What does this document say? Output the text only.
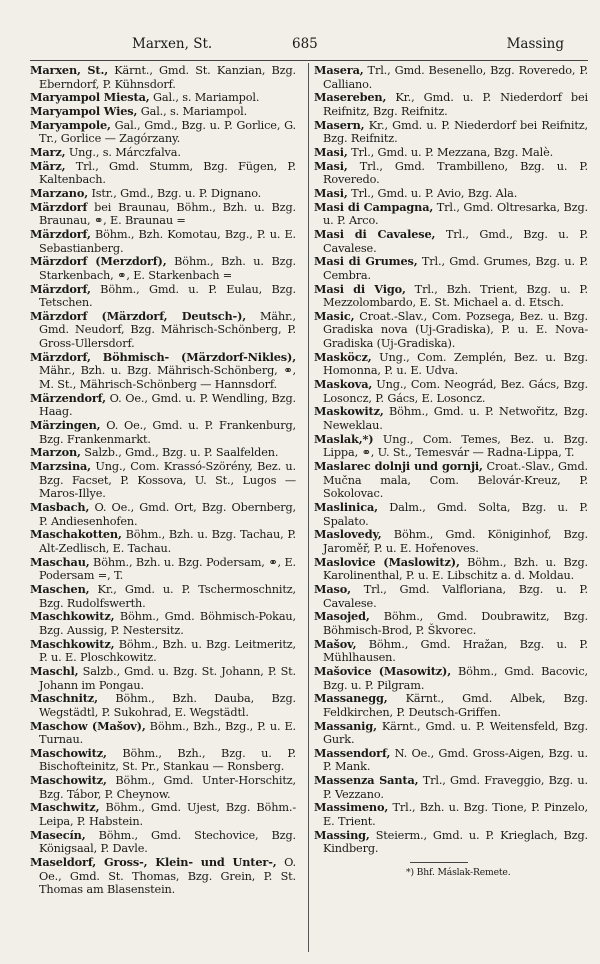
Marxen, St.	685	Massing

Marxen, St., Kärnt., Gmd. St. Kanzian, Bzg. Eberndorf, P. Kühnsdorf.

Maryampol Miesta, Gal., s. Mariampol.

Maryampol Wies, Gal., s. Mariampol.

Maryampole, Gal., Gmd., Bzg. u. P. Gorlice, G. Tr., Gorlice — Zagórzany.

Marz, Ung., s. Márczfalva.

März, Trl., Gmd. Stumm, Bzg. Fügen, P. Kaltenbach.

Marzano, Istr., Gmd., Bzg. u. P. Dignano.

Märzdorf bei Braunau, Böhm., Bzh. u. Bzg. Braunau, ⚭, E. Braunau =

Märzdorf, Böhm., Bzh. Komotau, Bzg., P. u. E. Sebastianberg.

Märzdorf (Merzdorf), Böhm., Bzh. u. Bzg. Starkenbach, ⚭, E. Starkenbach =

Märzdorf, Böhm., Gmd. u. P. Eulau, Bzg. Tetschen.

Märzdorf (Märzdorf, Deutsch-), Mähr., Gmd. Neudorf, Bzg. Mährisch-Schönberg, P. Gross-Ullersdorf.

Märzdorf, Böhmisch- (Märzdorf-Nikles), Mähr., Bzh. u. Bzg. Mährisch-Schönberg, ⚭, M. St., Mährisch-Schönberg — Hannsdorf.

Märzendorf, O. Oe., Gmd. u. P. Wendling, Bzg. Haag.

Märzingen, O. Oe., Gmd. u. P. Frankenburg, Bzg. Frankenmarkt.

Marzon, Salzb., Gmd., Bzg. u. P. Saalfelden.

Marzsina, Ung., Com. Krassó-Szörény, Bez. u. Bzg. Facset, P. Kossova, U. St., Lugos — Maros-Illye.

Masbach, O. Oe., Gmd. Ort, Bzg. Obernberg, P. Andiesenhofen.

Maschakotten, Böhm., Bzh. u. Bzg. Tachau, P. Alt-Zedlisch, E. Tachau.

Maschau, Böhm., Bzh. u. Bzg. Podersam, ⚭, E. Podersam =, T.

Maschen, Kr., Gmd. u. P. Tschermoschnitz, Bzg. Rudolfswerth.

Maschkowitz, Böhm., Gmd. Böhmisch-Pokau, Bzg. Aussig, P. Nestersitz.

Maschkowitz, Böhm., Bzh. u. Bzg. Leitmeritz, P. u. E. Ploschkowitz.

Maschl, Salzb., Gmd. u. Bzg. St. Johann, P. St. Johann im Pongau.

Maschnitz, Böhm., Bzh. Dauba, Bzg. Wegstädtl, P. Sukohrad, E. Wegstädtl.

Maschow (Mašov), Böhm., Bzh., Bzg., P. u. E. Turnau.

Maschowitz, Böhm., Bzh., Bzg. u. P. Bischofteinitz, St. Pr., Stankau — Ronsberg.

Maschowitz, Böhm., Gmd. Unter-Horschitz, Bzg. Tábor, P. Cheynow.

Maschwitz, Böhm., Gmd. Ujest, Bzg. Böhm.-Leipa, P. Habstein.

Masecín, Böhm., Gmd. Stechovice, Bzg. Königsaal, P. Davle.

Maseldorf, Gross-, Klein- und Unter-, O. Oe., Gmd. St. Thomas, Bzg. Grein, P. St. Thomas am Blasenstein.

Masera, Trl., Gmd. Besenello, Bzg. Roveredo, P. Calliano.

Masereben, Kr., Gmd. u. P. Niederdorf bei Reifnitz, Bzg. Reifnitz.

Masern, Kr., Gmd. u. P. Niederdorf bei Reifnitz, Bzg. Reifnitz.

Masi, Trl., Gmd. u. P. Mezzana, Bzg. Malè.

Masi, Trl., Gmd. Trambilleno, Bzg. u. P. Roveredo.

Masi, Trl., Gmd. u. P. Avio, Bzg. Ala.

Masi di Campagna, Trl., Gmd. Oltresarka, Bzg. u. P. Arco.

Masi di Cavalese, Trl., Gmd., Bzg. u. P. Cavalese.

Masi di Grumes, Trl., Gmd. Grumes, Bzg. u. P. Cembra.

Masi di Vigo, Trl., Bzh. Trient, Bzg. u. P. Mezzolombardo, E. St. Michael a. d. Etsch.

Masic, Croat.-Slav., Com. Pozsega, Bez. u. Bzg. Gradiska nova (Uj-Gradiska), P. u. E. Nova-Gradiska (Uj-Gradiska).

Masköcz, Ung., Com. Zemplén, Bez. u. Bzg. Homonna, P. u. E. Udva.

Maskova, Ung., Com. Neográd, Bez. Gács, Bzg. Losoncz, P. Gács, E. Losoncz.

Maskowitz, Böhm., Gmd. u. P. Netwořitz, Bzg. Neweklau.

Maslak,*) Ung., Com. Temes, Bez. u. Bzg. Lippa, ⚭, U. St., Temesvár — Radna-Lippa, T.

Maslarec dolnji und gornji, Croat.-Slav., Gmd. Mučna mala, Com. Belovár-Kreuz, P. Sokolovac.

Maslinica, Dalm., Gmd. Solta, Bzg. u. P. Spalato.

Maslovedy, Böhm., Gmd. Königinhof, Bzg. Jaroměř, P. u. E. Hořenoves.

Maslovice (Maslowitz), Böhm., Bzh. u. Bzg. Karolinenthal, P. u. E. Libschitz a. d. Moldau.

Maso, Trl., Gmd. Valfloriana, Bzg. u. P. Cavalese.

Masojed, Böhm., Gmd. Doubrawitz, Bzg. Böhmisch-Brod, P. Škvorec.

Mašov, Böhm., Gmd. Hražan, Bzg. u. P. Mühlhausen.

Mašovice (Masowitz), Böhm., Gmd. Bacovic, Bzg. u. P. Pilgram.

Massanegg, Kärnt., Gmd. Albek, Bzg. Feldkirchen, P. Deutsch-Griffen.

Massanig, Kärnt., Gmd. u. P. Weitensfeld, Bzg. Gurk.

Massendorf, N. Oe., Gmd. Gross-Aigen, Bzg. u. P. Mank.

Massenza Santa, Trl., Gmd. Fraveggio, Bzg. u. P. Vezzano.

Massimeno, Trl., Bzh. u. Bzg. Tione, P. Pinzelo, E. Trient.

Massing, Steierm., Gmd. u. P. Krieglach, Bzg. Kindberg.

*) Bhf. Máslak-Remete.
